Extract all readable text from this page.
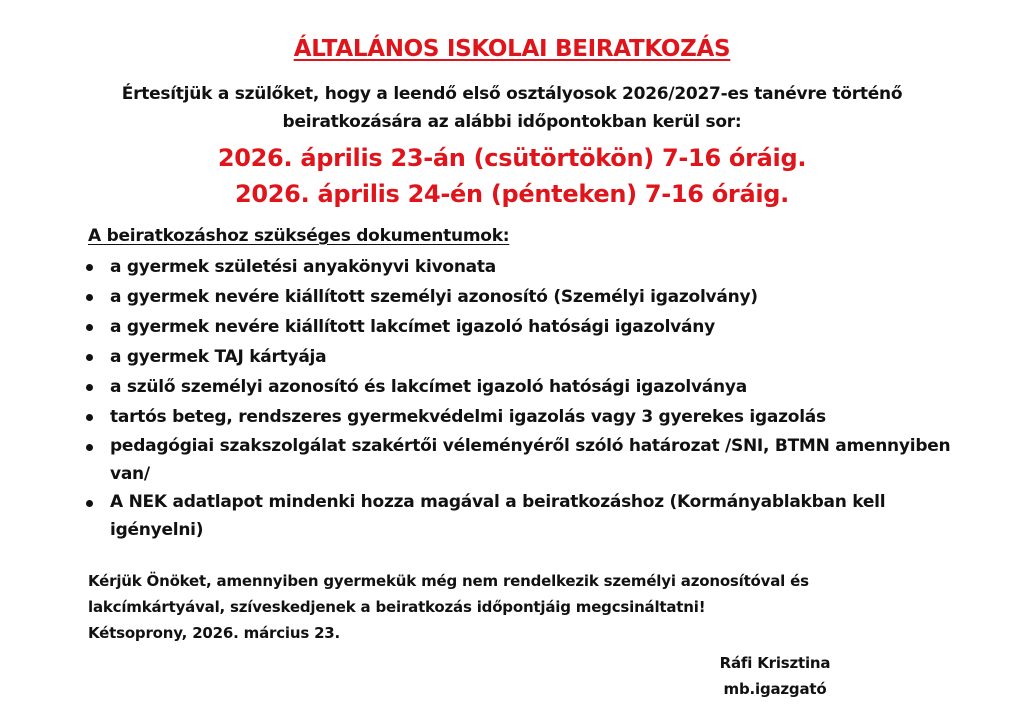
ÁLTALÁNOS ISKOLAI BEIRATKOZÁS
Értesítjük a szülőket, hogy a leendő első osztályosok 2026/2027-es tanévre történő
beiratkozására az alábbi időpontokban kerül sor:
2026. április 23-án (csütörtökön) 7-16 óráig.
2026. április 24-én (pénteken) 7-16 óráig.
A beiratkozáshoz szükséges dokumentumok:
a gyermek születési anyakönyvi kivonata
a gyermek nevére kiállított személyi azonosító (Személyi igazolvány)
a gyermek nevére kiállított lakcímet igazoló hatósági igazolvány
a gyermek TAJ kártyája
a szülő személyi azonosító és lakcímet igazoló hatósági igazolványa
tartós beteg, rendszeres gyermekvédelmi igazolás vagy 3 gyerekes igazolás
pedagógiai szakszolgálat szakértői véleményéről szóló határozat /SNI, BTMN amennyiben van/
A NEK adatlapot mindenki hozza magával a beiratkozáshoz (Kormányablakban kell igényelni)
Kérjük Önöket, amennyiben gyermekük még nem rendelkezik személyi azonosítóval és
lakcímkártyával, szíveskedjenek a beiratkozás időpontjáig megcsináltatni!
Kétsoprony, 2026. március 23.
Ráfi Krisztina
mb.igazgató
